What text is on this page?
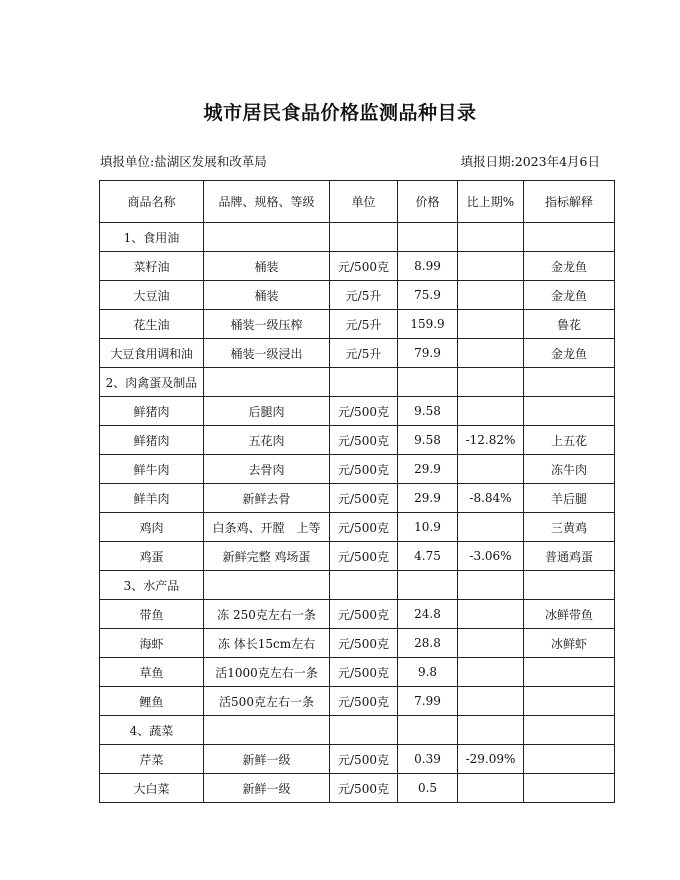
城市居民食品价格监测品种目录
填报单位:盐湖区发展和改革局	填报日期:2023年4月6日
商品名称	品牌、规格、等级	单位	价格	比上期%	指标解释
1、食用油					
菜籽油	桶装	元/500克	8.99		金龙鱼
大豆油	桶装	元/5升	75.9		金龙鱼
花生油	桶装一级压榨	元/5升	159.9		鲁花
大豆食用调和油	桶装一级浸出	元/5升	79.9		金龙鱼
2、肉禽蛋及制品					
鲜猪肉	后腿肉	元/500克	9.58		
鲜猪肉	五花肉	元/500克	9.58	-12.82%	上五花
鲜牛肉	去骨肉	元/500克	29.9		冻牛肉
鲜羊肉	新鲜去骨	元/500克	29.9	-8.84%	羊后腿
鸡肉	白条鸡、开膛　上等	元/500克	10.9		三黄鸡
鸡蛋	新鲜完整 鸡场蛋	元/500克	4.75	-3.06%	普通鸡蛋
3、水产品					
带鱼	冻 250克左右一条	元/500克	24.8		冰鲜带鱼
海虾	冻 体长15cm左右	元/500克	28.8		冰鲜虾
草鱼	活1000克左右一条	元/500克	9.8		
鲤鱼	活500克左右一条	元/500克	7.99		
4、蔬菜					
芹菜	新鲜一级	元/500克	0.39	-29.09%	
大白菜	新鲜一级	元/500克	0.5		
